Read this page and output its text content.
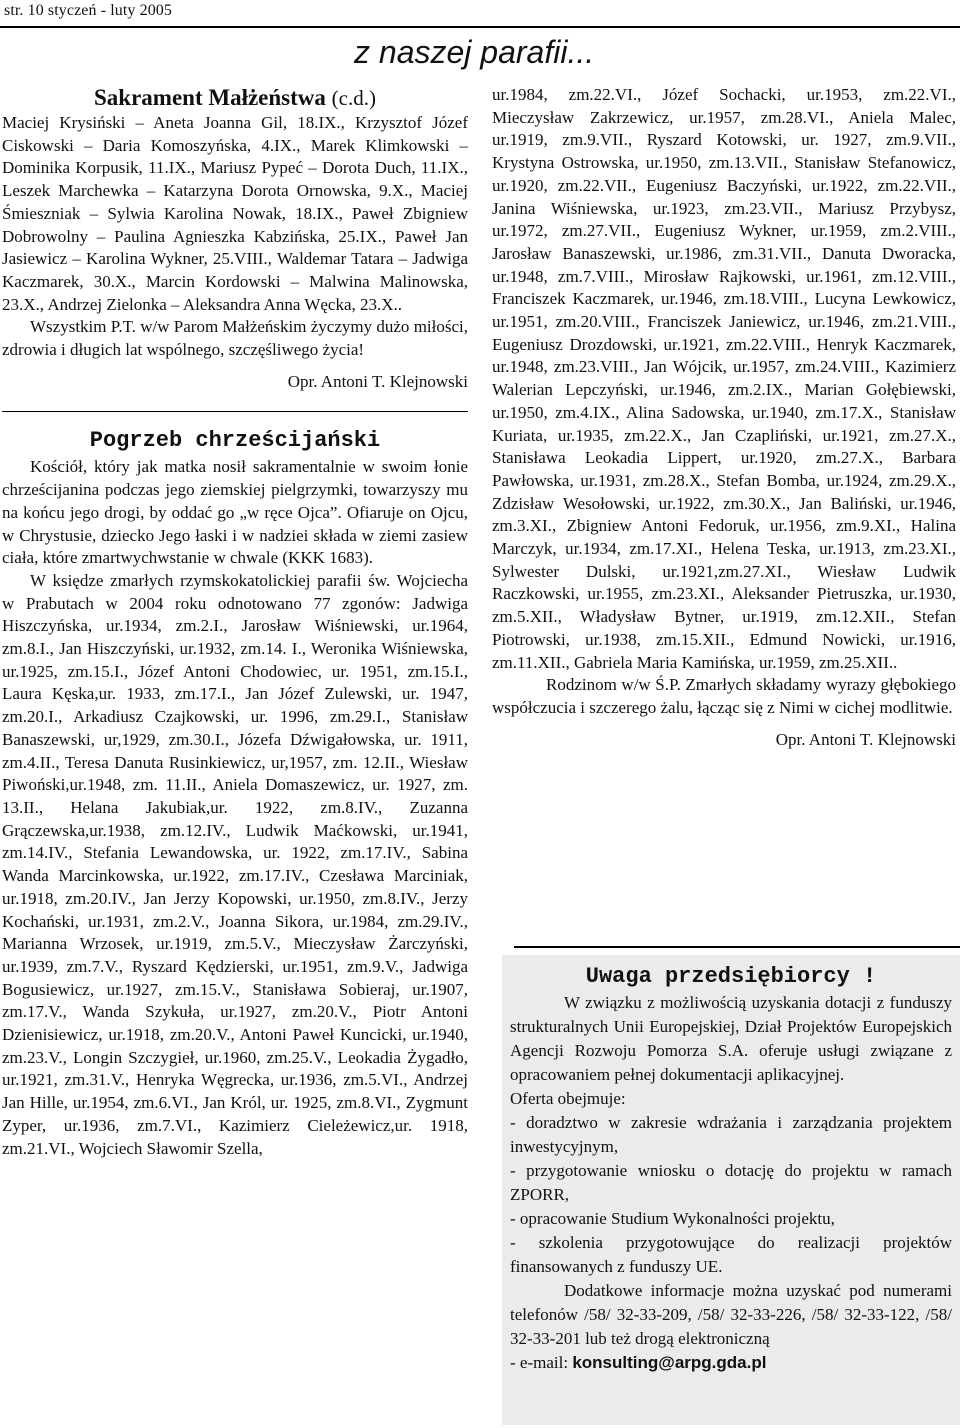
str. 10 styczeń - luty 2005
z naszej parafii...

Sakrament Małżeństwa (c.d.)

Maciej Krysiński – Aneta Joanna Gil, 18.IX., Krzysztof Józef Ciskowski – Daria Komoszyńska, 4.IX., Marek Klimkowski – Dominika Korpusik, 11.IX., Mariusz Pypeć – Dorota Duch, 11.IX., Leszek Marchewka – Katarzyna Dorota Ornowska, 9.X., Maciej Śmieszniak – Sylwia Karolina Nowak, 18.IX., Paweł Zbigniew Dobrowolny – Paulina Agnieszka Kabzińska, 25.IX., Paweł Jan Jasiewicz – Karolina Wykner, 25.VIII., Waldemar Tatara – Jadwiga Kaczmarek, 30.X., Marcin Kordowski – Malwina Malinowska, 23.X., Andrzej Zielonka – Aleksandra Anna Węcka, 23.X..

Wszystkim P.T. w/w Parom Małżeńskim życzymy dużo miłości, zdrowia i długich lat wspólnego, szczęśliwego życia!

Opr. Antoni T. Klejnowski

Pogrzeb chrześcijański

Kościół, który jak matka nosił sakramentalnie w swoim łonie chrześcijanina podczas jego ziemskiej pielgrzymki, towarzyszy mu na końcu jego drogi, by oddać go „w ręce Ojca”. Ofiaruje on Ojcu, w Chrystusie, dziecko Jego łaski i w nadziei składa w ziemi zasiew ciała, które zmartwychwstanie w chwale (KKK 1683).

W księdze zmarłych rzymskokatolickiej parafii św. Wojciecha w Prabutach w 2004 roku odnotowano 77 zgonów: Jadwiga Hiszczyńska, ur.1934, zm.2.I., Jarosław Wiśniewski, ur.1964, zm.8.I., Jan Hiszczyński, ur.1932, zm.14. I., Weronika Wiśniewska, ur.1925, zm.15.I., Józef Antoni Chodowiec, ur. 1951, zm.15.I., Laura Kęska,ur. 1933, zm.17.I., Jan Józef Zulewski, ur. 1947, zm.20.I., Arkadiusz Czajkowski, ur. 1996, zm.29.I., Stanisław Banaszewski, ur,1929, zm.30.I., Józefa Dźwigałowska, ur. 1911, zm.4.II., Teresa Danuta Rusinkiewicz, ur,1957, zm. 12.II., Wiesław Piwoński,ur.1948, zm. 11.II., Aniela Domaszewicz, ur. 1927, zm. 13.II., Helana Jakubiak,ur. 1922, zm.8.IV., Zuzanna Grączewska,ur.1938, zm.12.IV., Ludwik Maćkowski, ur.1941, zm.14.IV., Stefania Lewandowska, ur. 1922, zm.17.IV., Sabina Wanda Marcinkowska, ur.1922, zm.17.IV., Czesława Marciniak, ur.1918, zm.20.IV., Jan Jerzy Kopowski, ur.1950, zm.8.IV., Jerzy Kochański, ur.1931, zm.2.V., Joanna Sikora, ur.1984, zm.29.IV., Marianna Wrzosek, ur.1919, zm.5.V., Mieczysław Żarczyński, ur.1939, zm.7.V., Ryszard Kędzierski, ur.1951, zm.9.V., Jadwiga Bogusiewicz, ur.1927, zm.15.V., Stanisława Sobieraj, ur.1907, zm.17.V., Wanda Szykuła, ur.1927, zm.20.V., Piotr Antoni Dzienisiewicz, ur.1918, zm.20.V., Antoni Paweł Kuncicki, ur.1940, zm.23.V., Longin Szczygieł, ur.1960, zm.25.V., Leokadia Żygadło, ur.1921, zm.31.V., Henryka Węgrecka, ur.1936, zm.5.VI., Andrzej Jan Hille, ur.1954, zm.6.VI., Jan Król, ur. 1925, zm.8.VI., Zygmunt Zyper, ur.1936, zm.7.VI., Kazimierz Cieleżewicz,ur. 1918, zm.21.VI., Wojciech Sławomir Szella,

ur.1984, zm.22.VI., Józef Sochacki, ur.1953, zm.22.VI., Mieczysław Zakrzewicz, ur.1957, zm.28.VI., Aniela Malec, ur.1919, zm.9.VII., Ryszard Kotowski, ur. 1927, zm.9.VII., Krystyna Ostrowska, ur.1950, zm.13.VII., Stanisław Stefanowicz, ur.1920, zm.22.VII., Eugeniusz Baczyński, ur.1922, zm.22.VII., Janina Wiśniewska, ur.1923, zm.23.VII., Mariusz Przybysz, ur.1972, zm.27.VII., Eugeniusz Wykner, ur.1959, zm.2.VIII., Jarosław Banaszewski, ur.1986, zm.31.VII., Danuta Dworacka, ur.1948, zm.7.VIII., Mirosław Rajkowski, ur.1961, zm.12.VIII., Franciszek Kaczmarek, ur.1946, zm.18.VIII., Lucyna Lewkowicz, ur.1951, zm.20.VIII., Franciszek Janiewicz, ur.1946, zm.21.VIII., Eugeniusz Drozdowski, ur.1921, zm.22.VIII., Henryk Kaczmarek, ur.1948, zm.23.VIII., Jan Wójcik, ur.1957, zm.24.VIII., Kazimierz Walerian Lepczyński, ur.1946, zm.2.IX., Marian Gołębiewski, ur.1950, zm.4.IX., Alina Sadowska, ur.1940, zm.17.X., Stanisław Kuriata, ur.1935, zm.22.X., Jan Czapliński, ur.1921, zm.27.X., Stanisława Leokadia Lippert, ur.1920, zm.27.X., Barbara Pawłowska, ur.1931, zm.28.X., Stefan Bomba, ur.1924, zm.29.X., Zdzisław Wesołowski, ur.1922, zm.30.X., Jan Baliński, ur.1946, zm.3.XI., Zbigniew Antoni Fedoruk, ur.1956, zm.9.XI., Halina Marczyk, ur.1934, zm.17.XI., Helena Teska, ur.1913, zm.23.XI., Sylwester Dulski, ur.1921,zm.27.XI., Wiesław Ludwik Raczkowski, ur.1955, zm.23.XI., Aleksander Pietruszka, ur.1930, zm.5.XII., Władysław Bytner, ur.1919, zm.12.XII., Stefan Piotrowski, ur.1938, zm.15.XII., Edmund Nowicki, ur.1916, zm.11.XII., Gabriela Maria Kamińska, ur.1959, zm.25.XII..

Rodzinom w/w Ś.P. Zmarłych składamy wyrazy głębokiego współczucia i szczerego żalu, łącząc się z Nimi w cichej modlitwie.

Opr. Antoni T. Klejnowski

Uwaga przedsiębiorcy !

W związku z możliwością uzyskania dotacji z funduszy strukturalnych Unii Europejskiej, Dział Projektów Europejskich Agencji Rozwoju Pomorza S.A. oferuje usługi związane z opracowaniem pełnej dokumentacji aplikacyjnej.

Oferta obejmuje:

- doradztwo w zakresie wdrażania i zarządzania projektem inwestycyjnym,

- przygotowanie wniosku o dotację do projektu w ramach ZPORR,

- opracowanie Studium Wykonalności projektu,

- szkolenia przygotowujące do realizacji projektów finansowanych z funduszy UE.

Dodatkowe informacje można uzyskać pod numerami telefonów /58/ 32-33-209, /58/ 32-33-226, /58/ 32-33-122, /58/ 32-33-201 lub też drogą elektroniczną

- e-mail: konsulting@arpg.gda.pl
